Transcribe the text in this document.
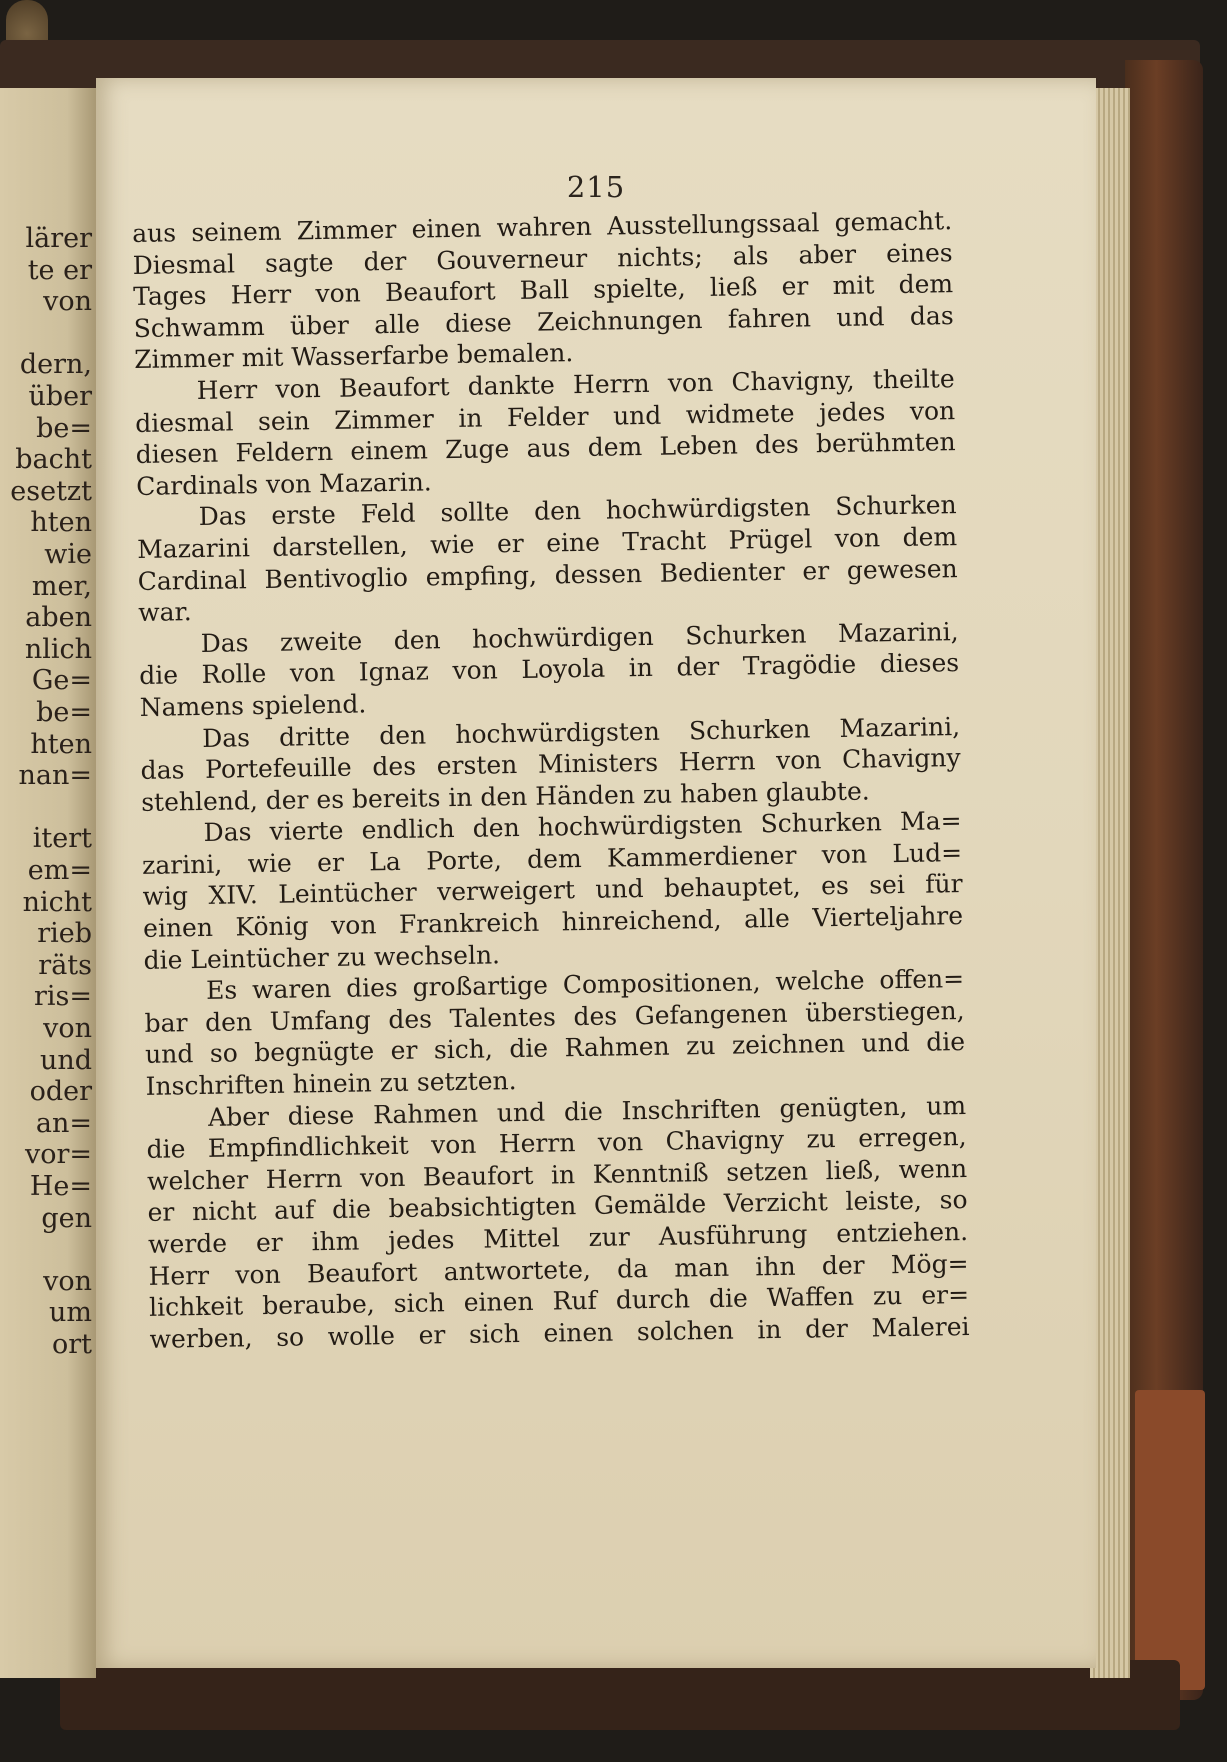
lärer
te er
von
dern,
über
be=
bacht
esetzt
hten
wie
mer,
aben
nlich
Ge=
be=
hten
nan=
itert
em=
nicht
rieb
räts
ris=
von
und
oder
an=
vor=
He=
gen
von
um
ort
215
aus seinem Zimmer einen wahren Ausstellungssaal gemacht.
Diesmal sagte der Gouverneur nichts; als aber eines
Tages Herr von Beaufort Ball spielte, ließ er mit dem
Schwamm über alle diese Zeichnungen fahren und das
Zimmer mit Wasserfarbe bemalen.
Herr von Beaufort dankte Herrn von Chavigny, theilte
diesmal sein Zimmer in Felder und widmete jedes von
diesen Feldern einem Zuge aus dem Leben des berühmten
Cardinals von Mazarin.
Das erste Feld sollte den hochwürdigsten Schurken
Mazarini darstellen, wie er eine Tracht Prügel von dem
Cardinal Bentivoglio empfing, dessen Bedienter er gewesen
war.
Das zweite den hochwürdigen Schurken Mazarini,
die Rolle von Ignaz von Loyola in der Tragödie dieses
Namens spielend.
Das dritte den hochwürdigsten Schurken Mazarini,
das Portefeuille des ersten Ministers Herrn von Chavigny
stehlend, der es bereits in den Händen zu haben glaubte.
Das vierte endlich den hochwürdigsten Schurken Ma=
zarini, wie er La Porte, dem Kammerdiener von Lud=
wig XIV. Leintücher verweigert und behauptet, es sei für
einen König von Frankreich hinreichend, alle Vierteljahre
die Leintücher zu wechseln.
Es waren dies großartige Compositionen, welche offen=
bar den Umfang des Talentes des Gefangenen überstiegen,
und so begnügte er sich, die Rahmen zu zeichnen und die
Inschriften hinein zu setzten.
Aber diese Rahmen und die Inschriften genügten, um
die Empfindlichkeit von Herrn von Chavigny zu erregen,
welcher Herrn von Beaufort in Kenntniß setzen ließ, wenn
er nicht auf die beabsichtigten Gemälde Verzicht leiste, so
werde er ihm jedes Mittel zur Ausführung entziehen.
Herr von Beaufort antwortete, da man ihn der Mög=
lichkeit beraube, sich einen Ruf durch die Waffen zu er=
werben, so wolle er sich einen solchen in der Malerei
